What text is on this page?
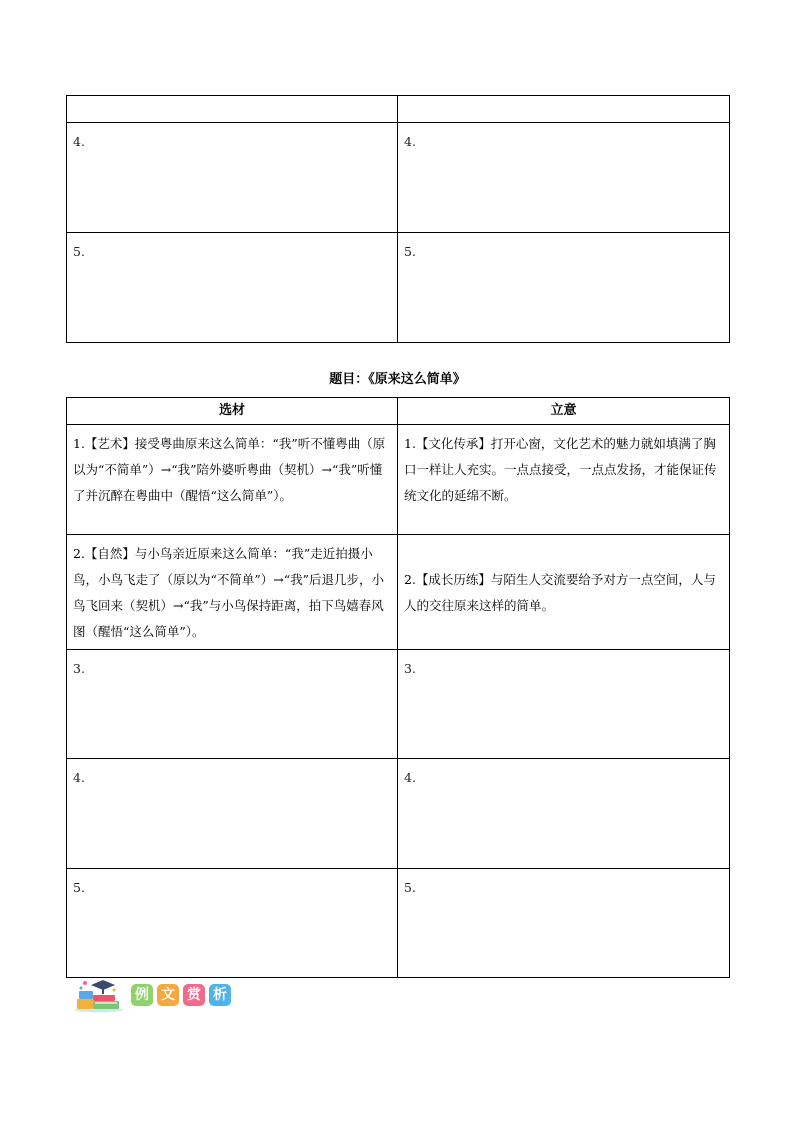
4.	4.
5.	5.
题目：《原来这么简单》
选材	立意
1.【艺术】接受粤曲原来这么简单：“我”听不懂粤曲（原以为“不简单”）→“我”陪外婆听粤曲（契机）→“我”听懂了并沉醉在粤曲中（醒悟“这么简单”）。	1.【文化传承】打开心窗，文化艺术的魅力就如填满了胸口一样让人充实。一点点接受，一点点发扬，才能保证传统文化的延绵不断。
2.【自然】与小鸟亲近原来这么简单：“我”走近拍摄小鸟，小鸟飞走了（原以为“不简单”）→“我”后退几步，小鸟飞回来（契机）→“我”与小鸟保持距离，拍下鸟嬉春风图（醒悟“这么简单”）。	2.【成长历练】与陌生人交流要给予对方一点空间，人与人的交往原来这样的简单。
3.	3.
4.	4.
5.	5.
例 文 赏 析
